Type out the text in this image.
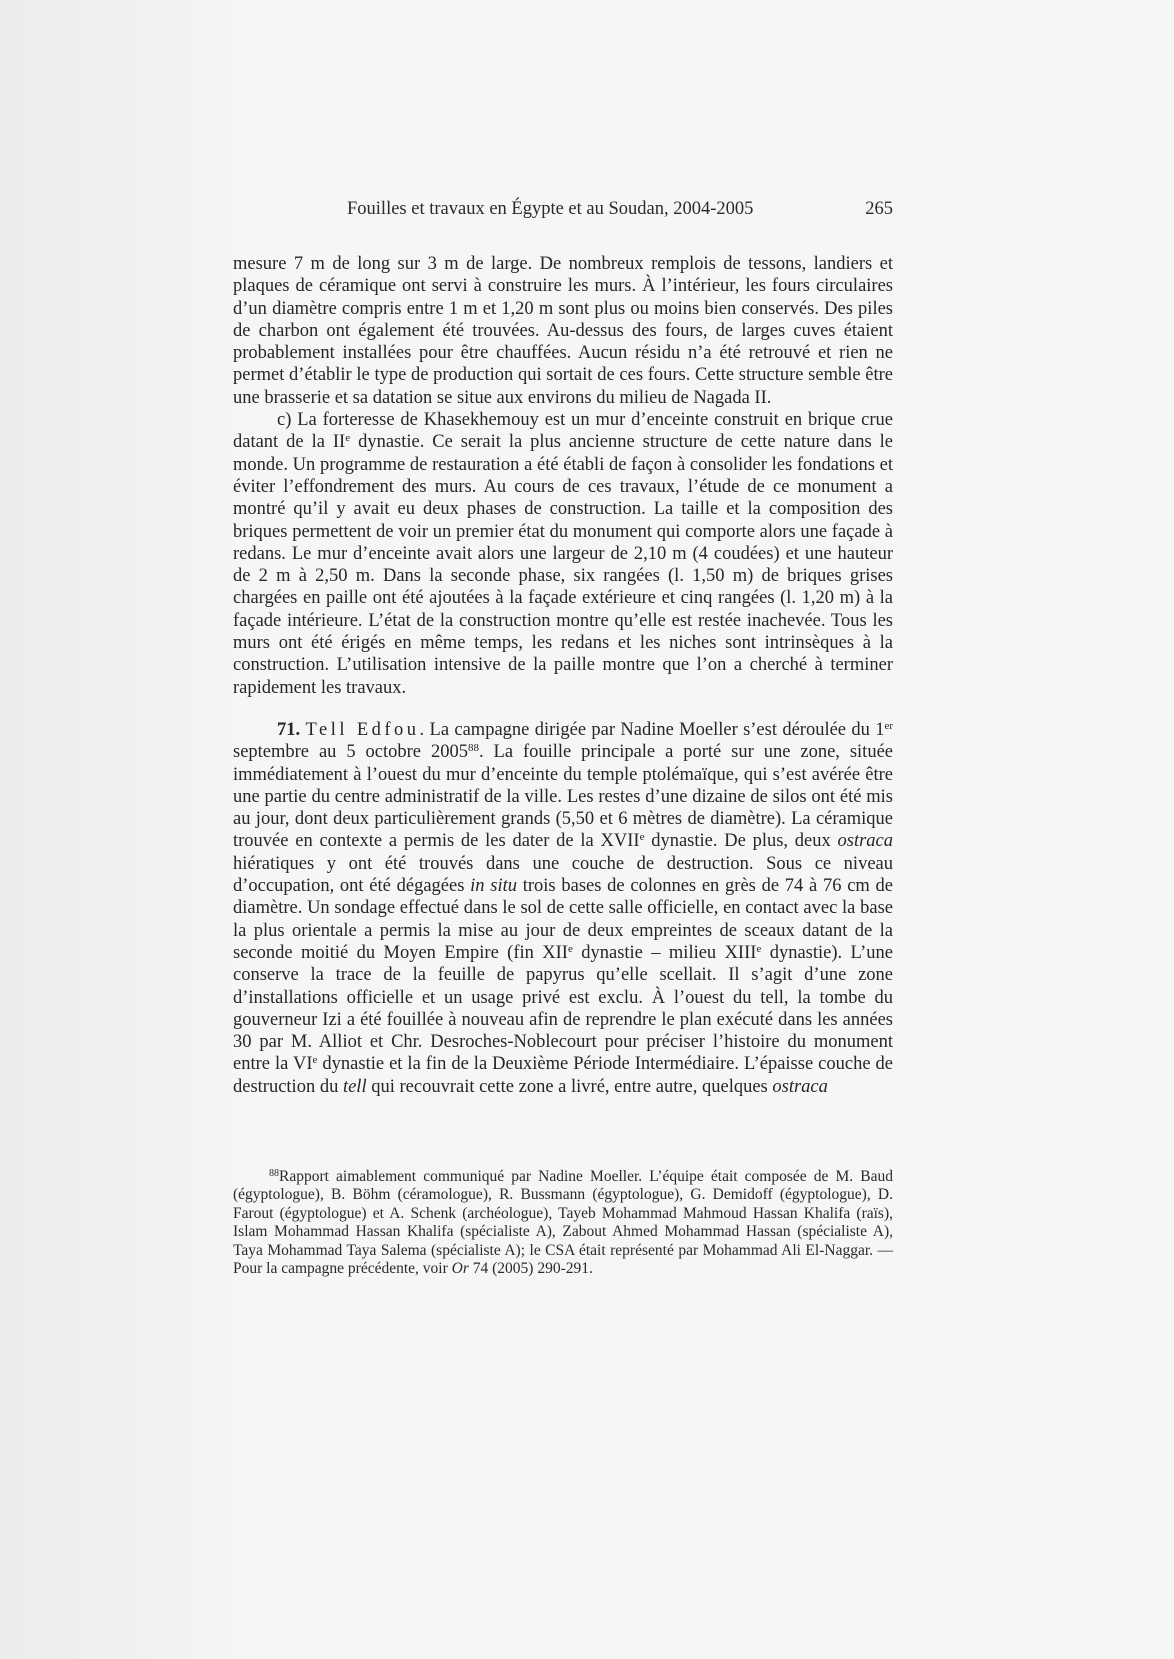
Fouilles et travaux en Égypte et au Soudan, 2004-2005	265

mesure 7 m de long sur 3 m de large. De nombreux remplois de tessons, landiers et plaques de céramique ont servi à construire les murs. À l’intérieur, les fours circulaires d’un diamètre compris entre 1 m et 1,20 m sont plus ou moins bien conservés. Des piles de charbon ont également été trouvées. Au-dessus des fours, de larges cuves étaient probablement installées pour être chauffées. Aucun résidu n’a été retrouvé et rien ne permet d’établir le type de production qui sortait de ces fours. Cette structure semble être une brasserie et sa datation se situe aux environs du milieu de Nagada II.

c) La forteresse de Khasekhemouy est un mur d’enceinte construit en brique crue datant de la IIe dynastie. Ce serait la plus ancienne structure de cette nature dans le monde. Un programme de restauration a été établi de façon à consolider les fondations et éviter l’effondrement des murs. Au cours de ces travaux, l’étude de ce monument a montré qu’il y avait eu deux phases de construction. La taille et la composition des briques permettent de voir un premier état du monument qui comporte alors une façade à redans. Le mur d’enceinte avait alors une largeur de 2,10 m (4 coudées) et une hauteur de 2 m à 2,50 m. Dans la seconde phase, six rangées (l. 1,50 m) de briques grises chargées en paille ont été ajoutées à la façade extérieure et cinq rangées (l. 1,20 m) à la façade intérieure. L’état de la construction montre qu’elle est restée inachevée. Tous les murs ont été érigés en même temps, les redans et les niches sont intrinsèques à la construction. L’utilisation intensive de la paille montre que l’on a cherché à terminer rapidement les travaux.

71. Tell Edfou. La campagne dirigée par Nadine Moeller s’est déroulée du 1er septembre au 5 octobre 2005$^{88}$. La fouille principale a porté sur une zone, située immédiatement à l’ouest du mur d’enceinte du temple ptolémaïque, qui s’est avérée être une partie du centre administratif de la ville. Les restes d’une dizaine de silos ont été mis au jour, dont deux particulièrement grands (5,50 et 6 mètres de diamètre). La céramique trouvée en contexte a permis de les dater de la XVIIe dynastie. De plus, deux ostraca hiératiques y ont été trouvés dans une couche de destruction. Sous ce niveau d’occupation, ont été dégagées in situ trois bases de colonnes en grès de 74 à 76 cm de diamètre. Un sondage effectué dans le sol de cette salle officielle, en contact avec la base la plus orientale a permis la mise au jour de deux empreintes de sceaux datant de la seconde moitié du Moyen Empire (fin XIIe dynastie – milieu XIIIe dynastie). L’une conserve la trace de la feuille de papyrus qu’elle scellait. Il s’agit d’une zone d’installations officielle et un usage privé est exclu. À l’ouest du tell, la tombe du gouverneur Izi a été fouillée à nouveau afin de reprendre le plan exécuté dans les années 30 par M. Alliot et Chr. Desroches-Noblecourt pour préciser l’histoire du monument entre la VIe dynastie et la fin de la Deuxième Période Intermédiaire. L’épaisse couche de destruction du tell qui recouvrait cette zone a livré, entre autre, quelques ostraca

$^{88}$Rapport aimablement communiqué par Nadine Moeller. L’équipe était composée de M. Baud (égyptologue), B. Böhm (céramologue), R. Bussmann (égyptologue), G. Demidoff (égyptologue), D. Farout (égyptologue) et A. Schenk (archéologue), Tayeb Mohammad Mahmoud Hassan Khalifa (raïs), Islam Mohammad Hassan Khalifa (spécialiste A), Zabout Ahmed Mohammad Hassan (spécialiste A), Taya Mohammad Taya Salema (spécialiste A); le CSA était représenté par Mohammad Ali El-Naggar. — Pour la campagne précédente, voir Or 74 (2005) 290-291.
